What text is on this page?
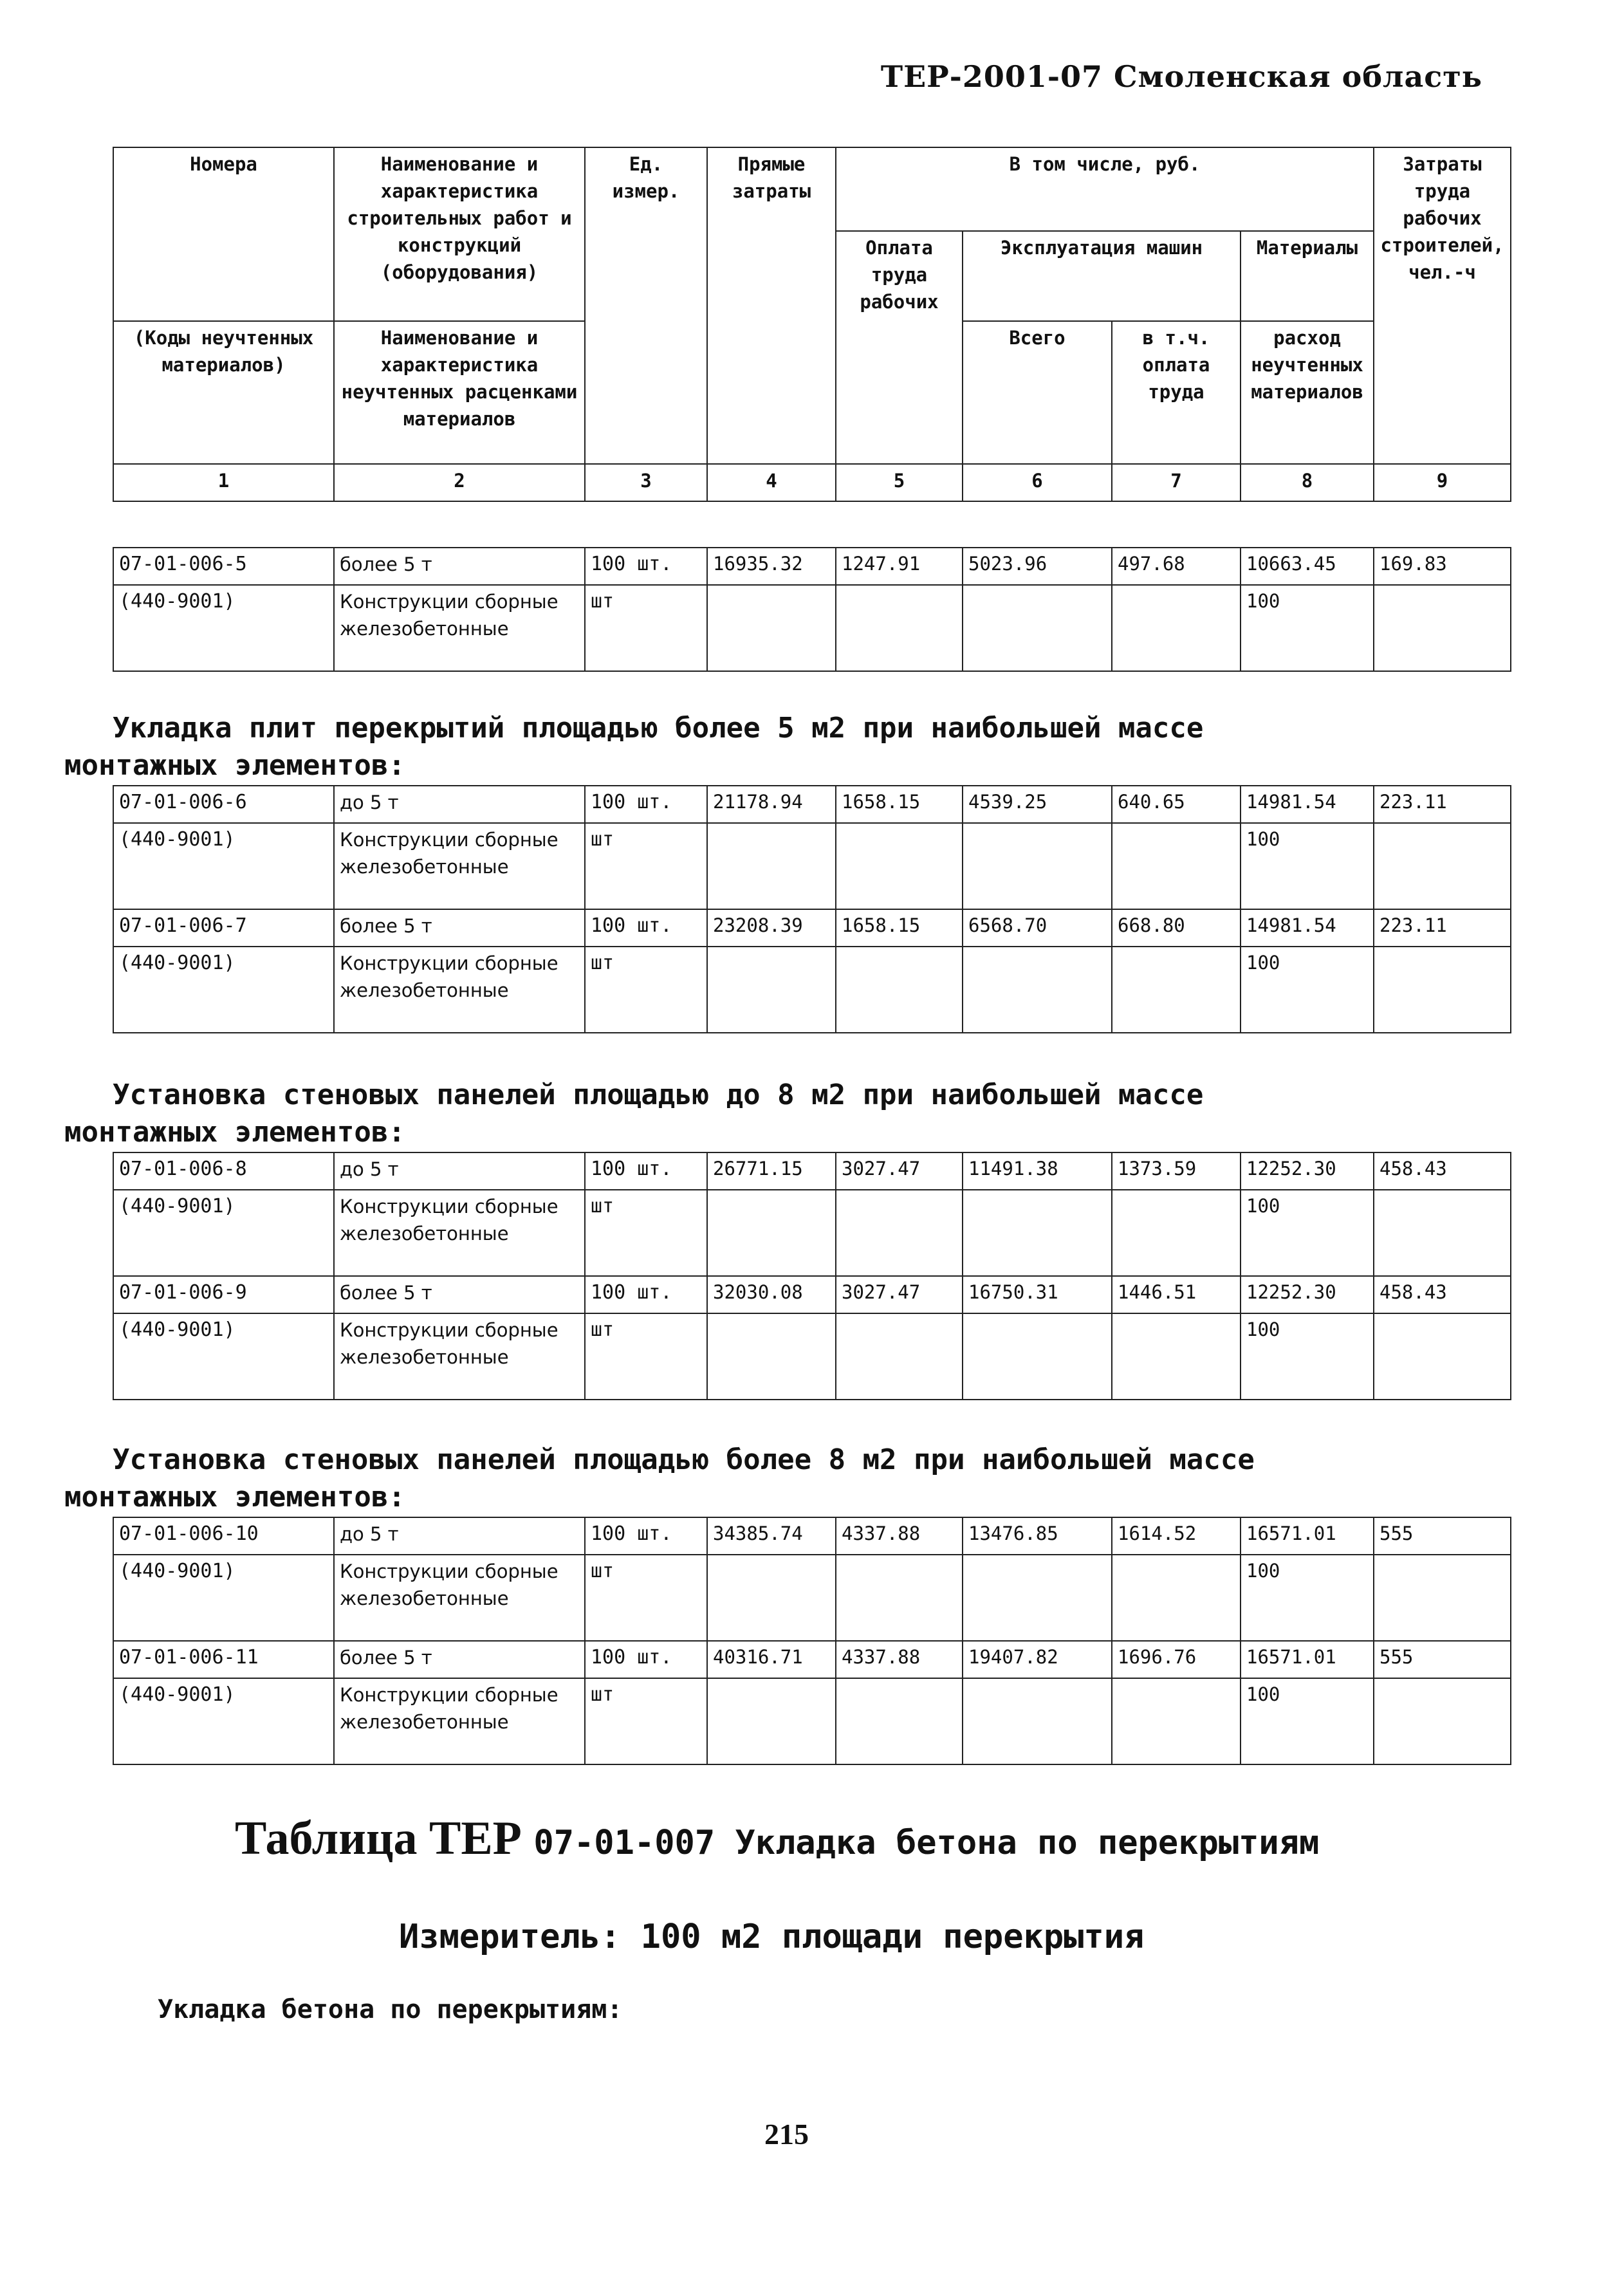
ТЕР-2001-07 Смоленская область
Номера	Наименование и характеристика строительных работ и конструкций (оборудования)	Ед. измер.	Прямые затраты	В том числе, руб.				Затраты труда рабочих строителей, чел.-ч
				Оплата труда рабочих	Эксплуатация машин		Материалы	
(Коды неучтенных материалов)	Наименование и характеристика неучтенных расценками материалов				Всего	в т.ч. оплата труда	расход неучтенных материалов	
1	2	3	4	5	6	7	8	9
07-01-006-5	более 5 т	100 шт.	16935.32	1247.91	5023.96	497.68	10663.45	169.83
(440-9001)	Конструкции сборные железобетонные	шт					100	
Укладка плит перекрытий площадью более 5 м2 при наибольшей массе
монтажных элементов:
07-01-006-6	до 5 т	100 шт.	21178.94	1658.15	4539.25	640.65	14981.54	223.11
(440-9001)	Конструкции сборные железобетонные	шт					100	
07-01-006-7	более 5 т	100 шт.	23208.39	1658.15	6568.70	668.80	14981.54	223.11
(440-9001)	Конструкции сборные железобетонные	шт					100	
Установка стеновых панелей площадью до 8 м2 при наибольшей массе
монтажных элементов:
07-01-006-8	до 5 т	100 шт.	26771.15	3027.47	11491.38	1373.59	12252.30	458.43
(440-9001)	Конструкции сборные железобетонные	шт					100	
07-01-006-9	более 5 т	100 шт.	32030.08	3027.47	16750.31	1446.51	12252.30	458.43
(440-9001)	Конструкции сборные железобетонные	шт					100	
Установка стеновых панелей площадью более 8 м2 при наибольшей массе
монтажных элементов:
07-01-006-10	до 5 т	100 шт.	34385.74	4337.88	13476.85	1614.52	16571.01	555
(440-9001)	Конструкции сборные железобетонные	шт					100	
07-01-006-11	более 5 т	100 шт.	40316.71	4337.88	19407.82	1696.76	16571.01	555
(440-9001)	Конструкции сборные железобетонные	шт					100	
Таблица ТЕР 07-01-007 Укладка бетона по перекрытиям
Измеритель: 100 м2 площади перекрытия
Укладка бетона по перекрытиям:
215
